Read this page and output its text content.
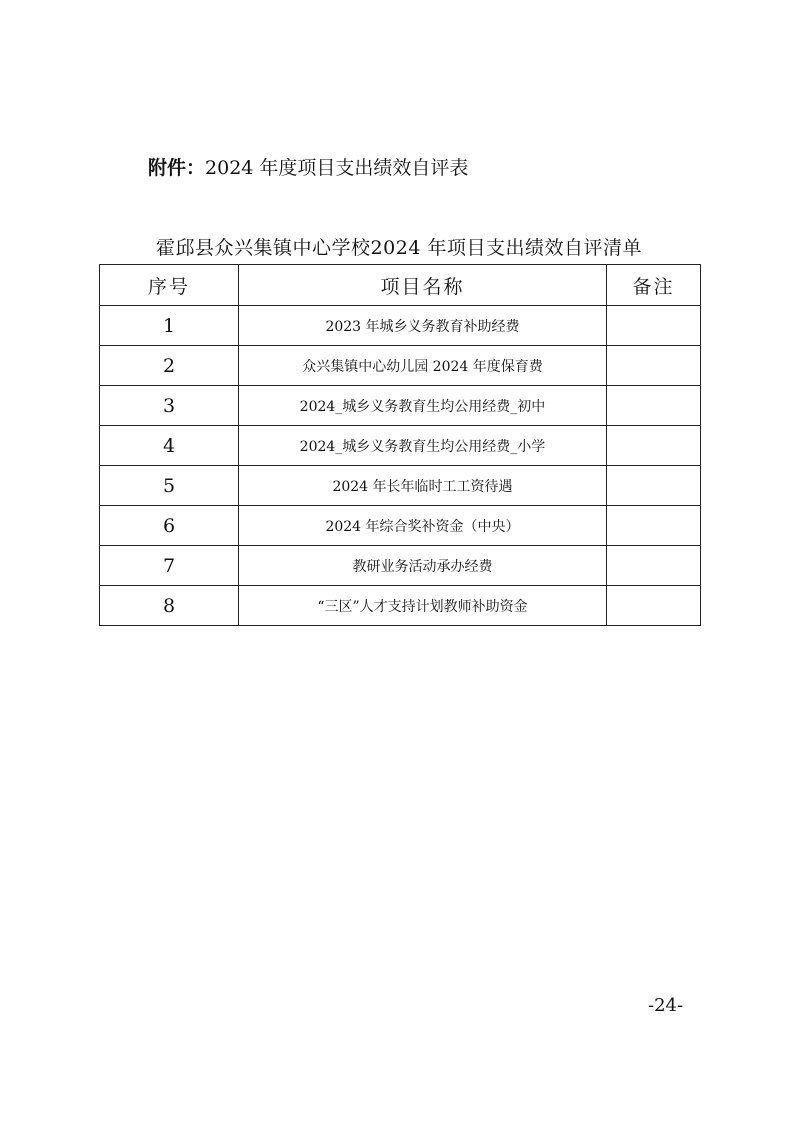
附件：2024 年度项目支出绩效自评表
霍邱县众兴集镇中心学校2024 年项目支出绩效自评清单
序号	项目名称	备注
1	2023 年城乡义务教育补助经费	
2	众兴集镇中心幼儿园 2024 年度保育费	
3	2024_城乡义务教育生均公用经费_初中	
4	2024_城乡义务教育生均公用经费_小学	
5	2024 年长年临时工工资待遇	
6	2024 年综合奖补资金（中央）	
7	教研业务活动承办经费	
8	“三区”人才支持计划教师补助资金	
-24-
